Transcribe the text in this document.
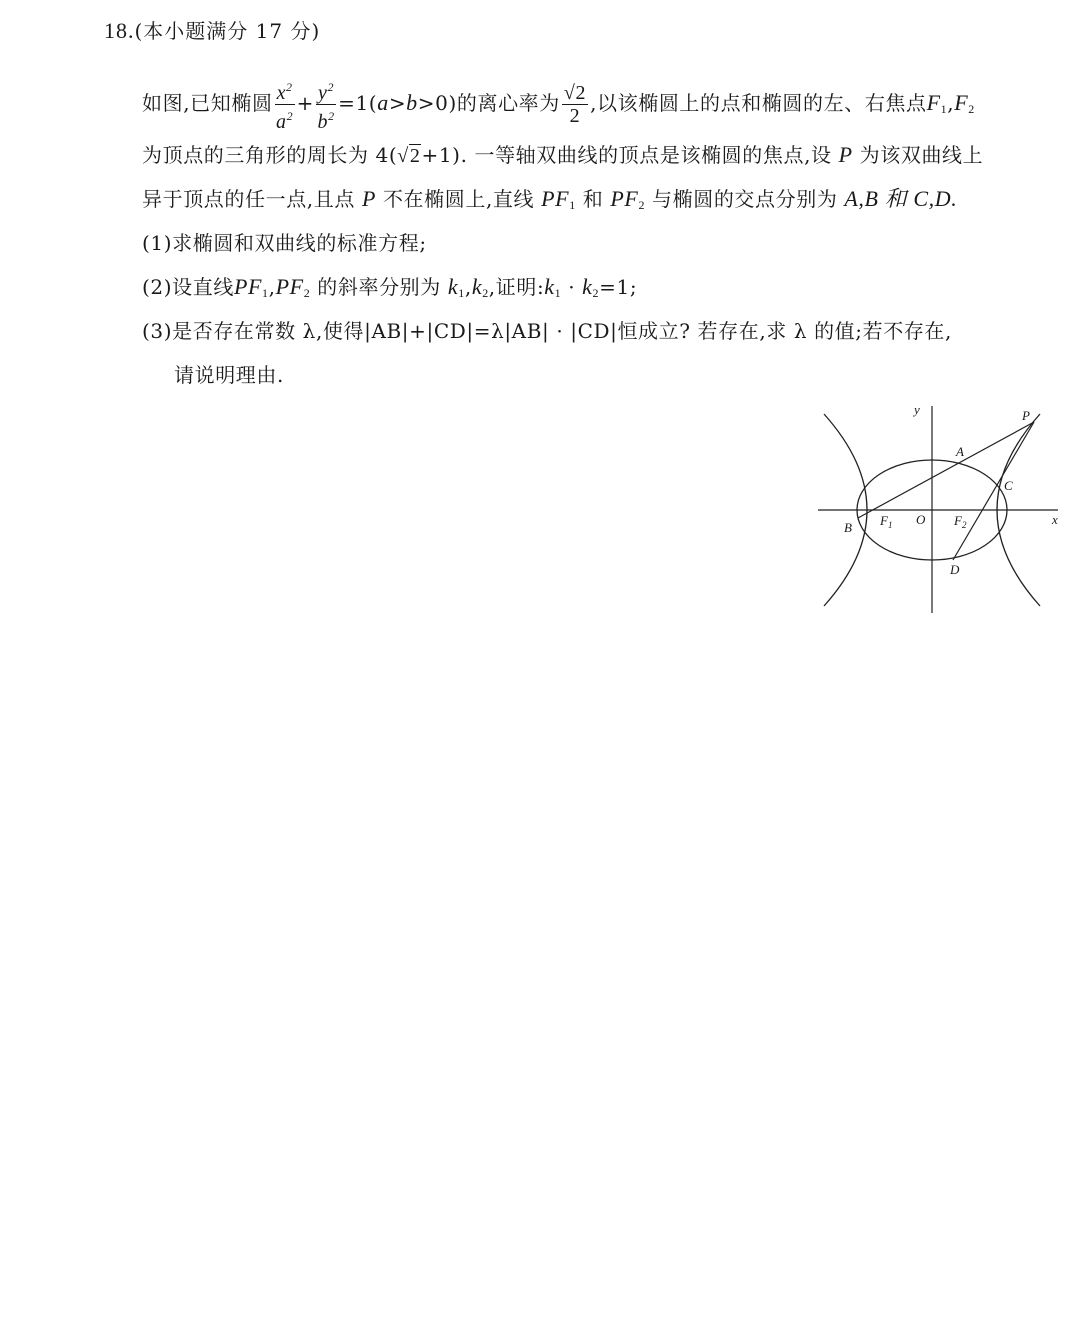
18.(本小题满分 17 分)
如图,已知椭圆 $\frac{x^2}{a^2} + \frac{y^2}{b^2} =1(a>b>0)$的离心率为 $\frac{√2}{2}$ ,以该椭圆上的点和椭圆的左、右焦点$F_1,F_2$
为顶点的三角形的周长为 4(√2+1). 一等轴双曲线的顶点是该椭圆的焦点,设 P 为该双曲线上
异于顶点的任一点,且点 P 不在椭圆上,直线 $PF_1$ 和 $PF_2$ 与椭圆的交点分别为 A,B 和 C,D.
(1)求椭圆和双曲线的标准方程;
(2)设直线$PF_1,PF_2$ 的斜率分别为 $k_1,k_2$,证明$:k_1 \cdot k_2=1$;
(3)是否存在常数 λ,使得|AB|+|CD|=λ|AB| · |CD|恒成立? 若存在,求 λ 的值;若不存在,
请说明理由.
y
x
O
P
A
B
C
D
$F_1$	$F_2$
